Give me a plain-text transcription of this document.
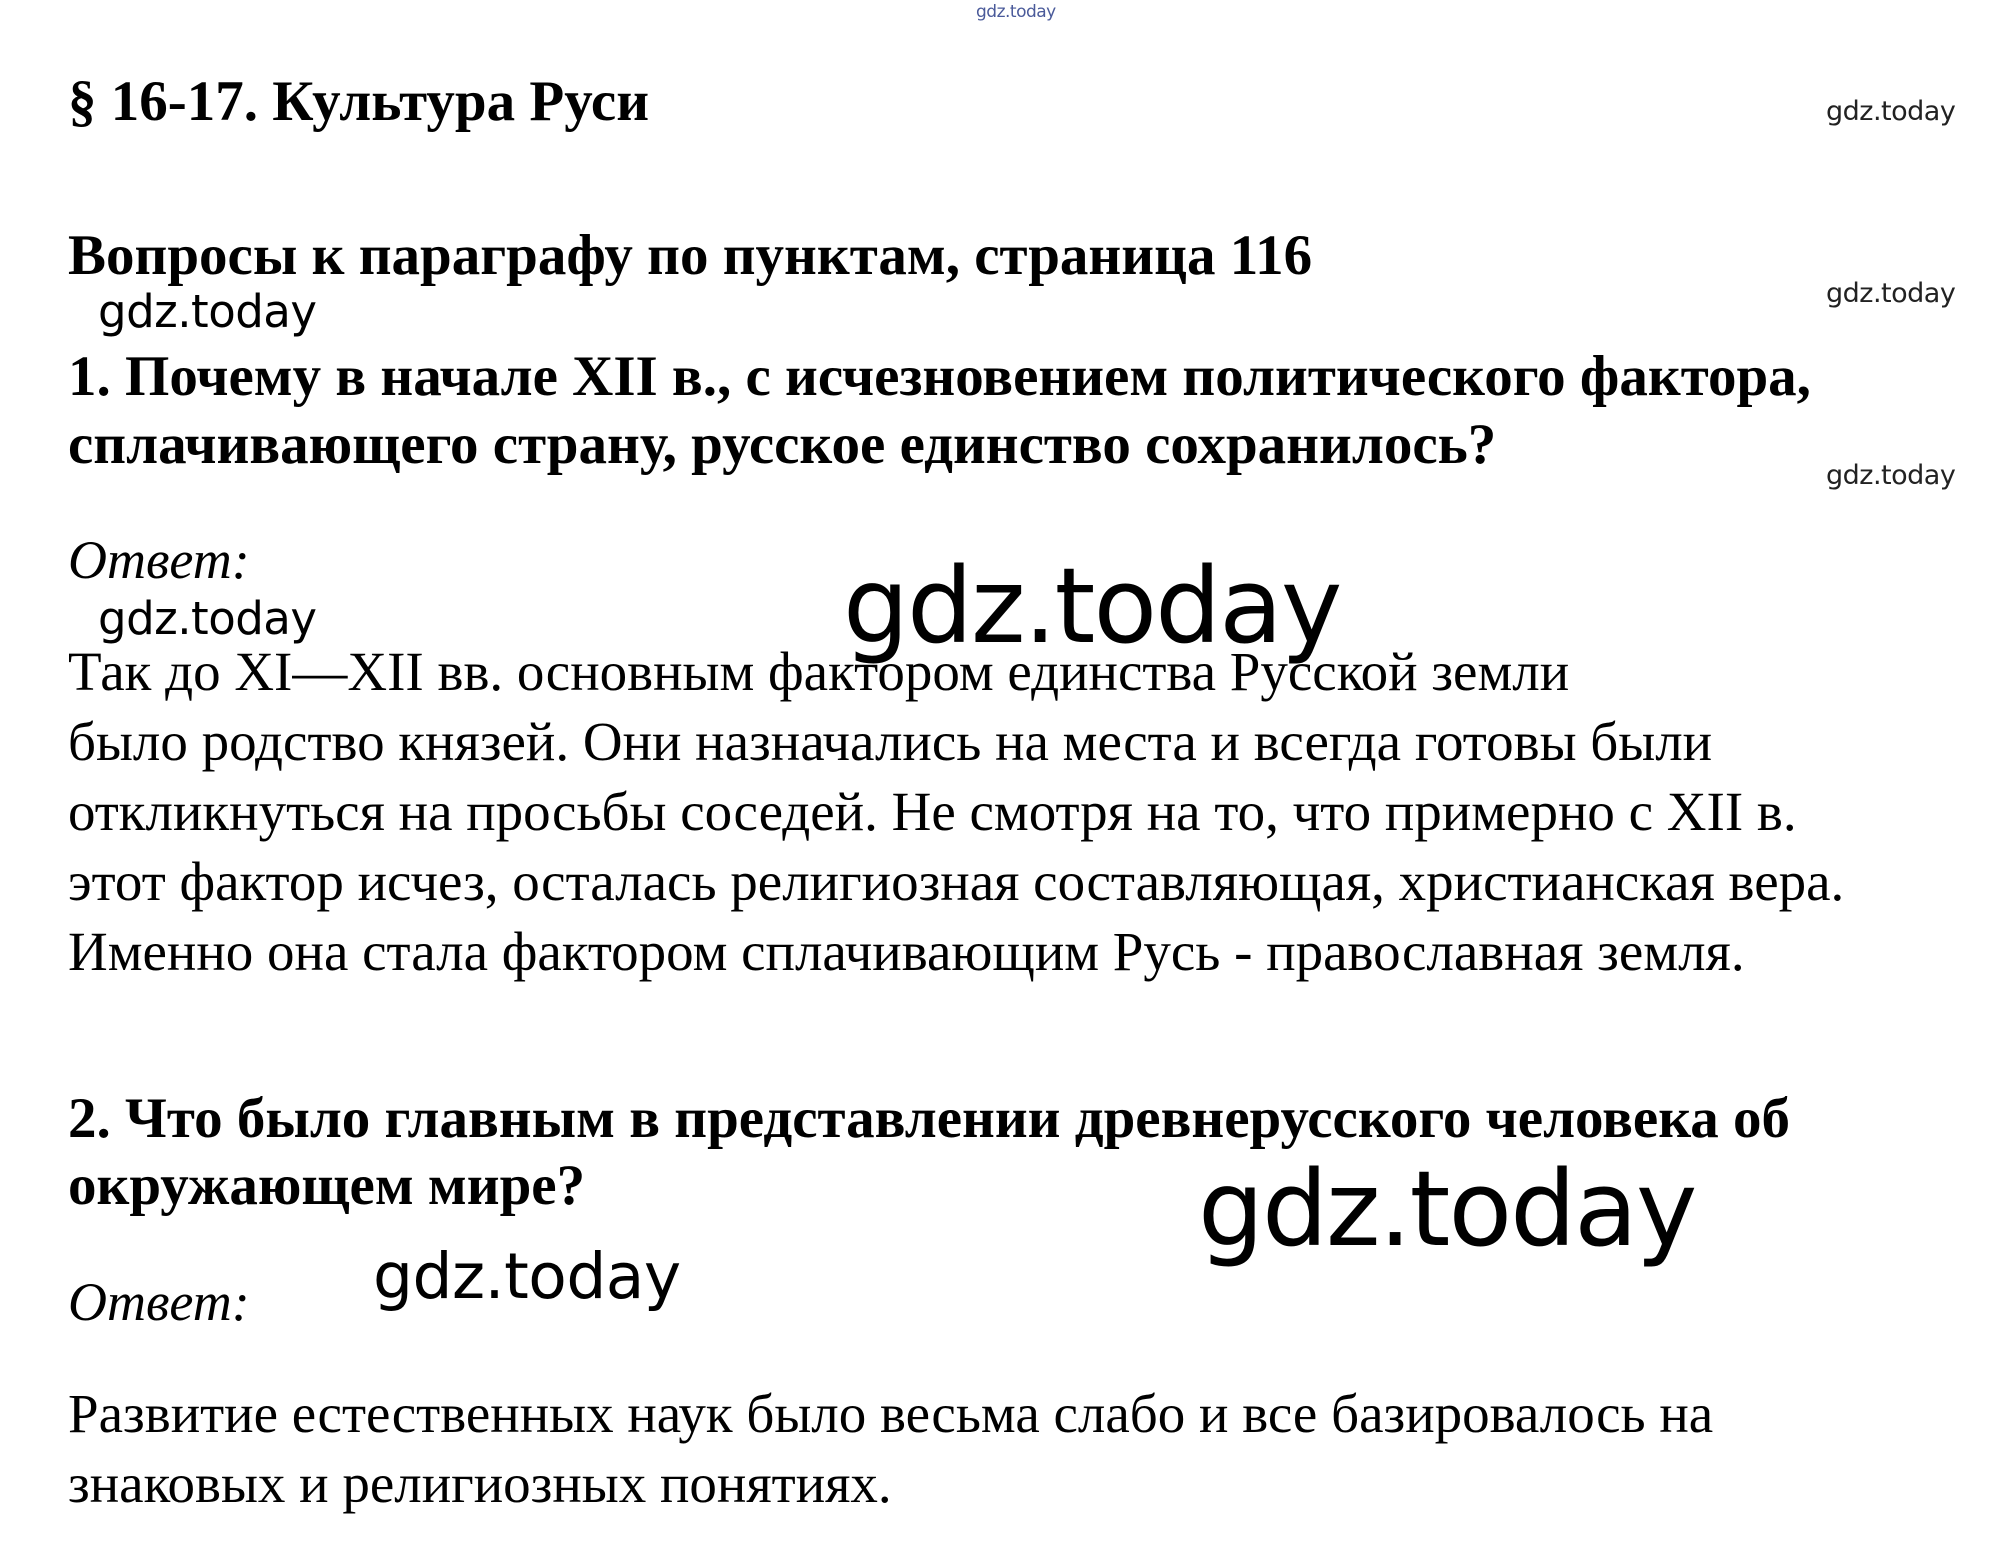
gdz.today
gdz.today
gdz.today
gdz.today
gdz.today
gdz.today	gdz.today
gdz.today
gdz.today
§ 16-17. Культура Руси
Вопросы к параграфу по пунктам, страница 116
1. Почему в начале XII в., с исчезновением политического фактора,
сплачивающего страну, русское единство сохранилось?
Ответ:
Так до XI—XII вв. основным фактором единства Русской земли
было родство князей. Они назначались на места и всегда готовы были
откликнуться на просьбы соседей. Не смотря на то, что примерно с XII в.
этот фактор исчез, осталась религиозная составляющая, христианская вера.
Именно она стала фактором сплачивающим Русь - православная земля.
2. Что было главным в представлении древнерусского человека об
окружающем мире?
Ответ:
Развитие естественных наук было весьма слабо и все базировалось на
знаковых и религиозных понятиях.
